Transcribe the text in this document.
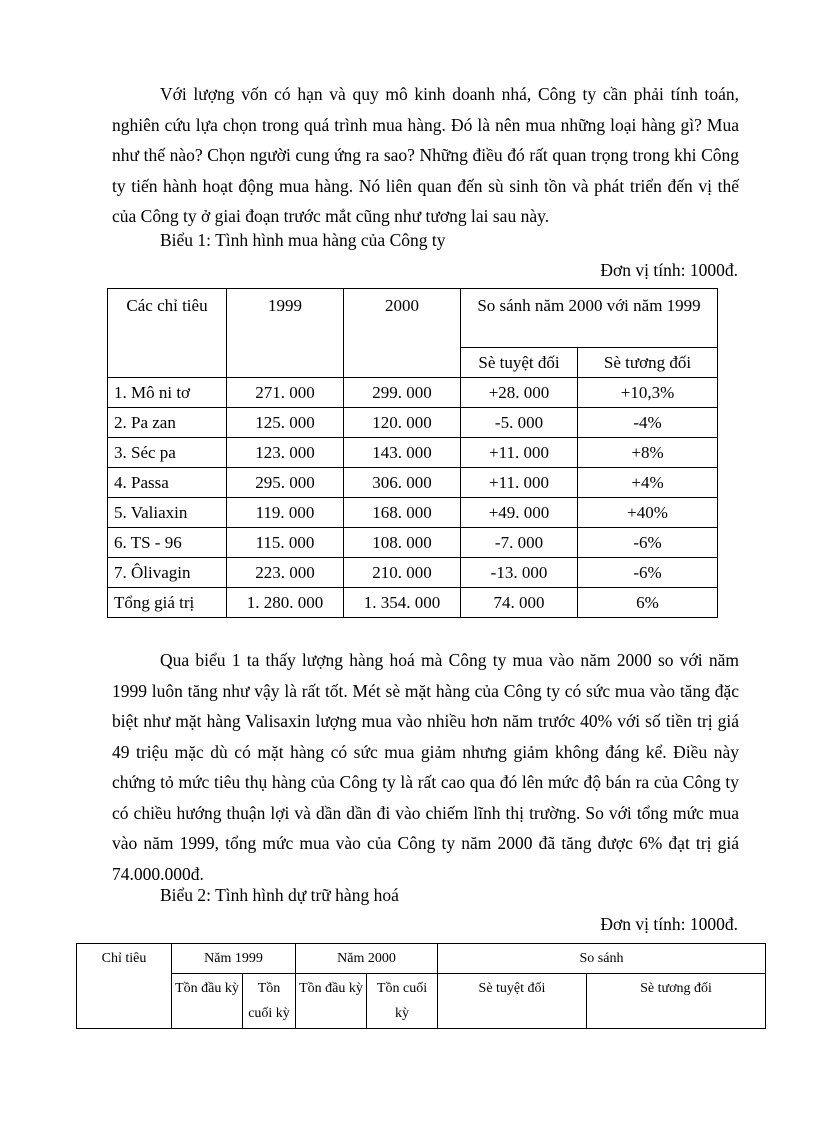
Với lượng vốn có hạn và quy mô kinh doanh nhá, Công ty cần phải tính toán, nghiên cứu lựa chọn trong quá trình mua hàng. Đó là nên mua những loại hàng gì? Mua như thế nào? Chọn người cung ứng ra sao? Những điều đó rất quan trọng trong khi Công ty tiến hành hoạt động mua hàng. Nó liên quan đến sù sinh tồn và phát triển đến vị thế của Công ty ở giai đoạn trước mắt cũng như tương lai sau này.

Biểu 1: Tình hình mua hàng của Công ty

Đơn vị tính: 1000đ.

Các chỉ tiêu	1999	2000	So sánh năm 2000 với năm 1999	
			Sè tuyệt đối	Sè tương đối
1. Mô ni tơ	271. 000	299. 000	+28. 000	+10,3%
2. Pa zan	125. 000	120. 000	-5. 000	-4%
3. Séc pa	123. 000	143. 000	+11. 000	+8%
4. Passa	295. 000	306. 000	+11. 000	+4%
5. Valiaxin	119. 000	168. 000	+49. 000	+40%
6. TS - 96	115. 000	108. 000	-7. 000	-6%
7. Ôlivagin	223. 000	210. 000	-13. 000	-6%
Tổng giá trị	1. 280. 000	1. 354. 000	74. 000	6%

Qua biểu 1 ta thấy lượng hàng hoá mà Công ty mua vào năm 2000 so với năm 1999 luôn tăng như vậy là rất tốt. Mét sè mặt hàng của Công ty có sức mua vào tăng đặc biệt như mặt hàng Valisaxin lượng mua vào nhiều hơn năm trước 40% với số tiền trị giá 49 triệu mặc dù có mặt hàng có sức mua giảm nhưng giảm không đáng kể. Điều này chứng tỏ mức tiêu thụ hàng của Công ty là rất cao qua đó lên mức độ bán ra của Công ty có chiều hướng thuận lợi và dần dần đi vào chiếm lĩnh thị trường. So với tổng mức mua vào năm 1999, tổng mức mua vào của Công ty năm 2000 đã tăng được 6% đạt trị giá 74.000.000đ.

Biểu 2: Tình hình dự trữ hàng hoá

Đơn vị tính: 1000đ.

Chỉ tiêu	Năm 1999		Năm 2000		So sánh	
	Tồn đầu kỳ	Tồn cuối kỳ	Tồn đầu kỳ	Tồn cuối kỳ	Sè tuyệt đối	Sè tương đối
